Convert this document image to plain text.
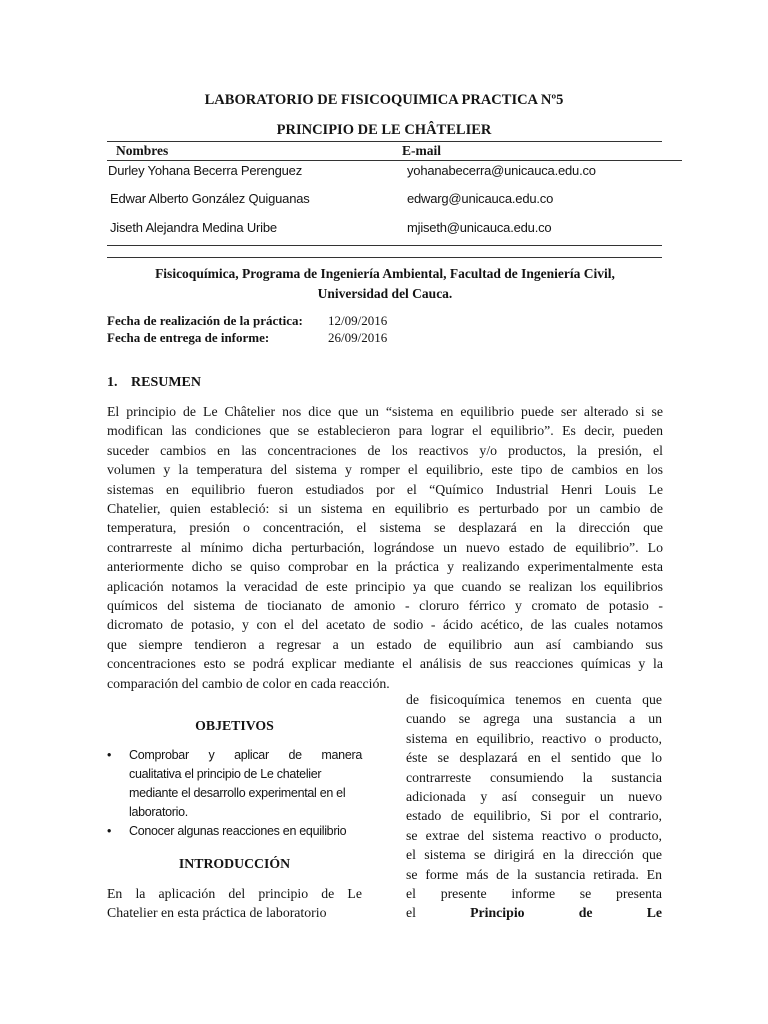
LABORATORIO DE FISICOQUIMICA PRACTICA Nº5
PRINCIPIO DE LE CHÂTELIER
Nombres	E-mail
Durley Yohana Becerra Perenguez	yohanabecerra@unicauca.edu.co
Edwar Alberto González Quiguanas	edwarg@unicauca.edu.co
Jiseth Alejandra Medina Uribe	mjiseth@unicauca.edu.co
Fisicoquímica, Programa de Ingeniería Ambiental, Facultad de Ingeniería Civil,
Universidad del Cauca.
Fecha de realización de la práctica: 12/09/2016
Fecha de entrega de informe:	26/09/2016
1. RESUMEN
El principio de Le Châtelier nos dice que un “sistema en equilibrio puede ser alterado si se
modifican las condiciones que se establecieron para lograr el equilibrio”. Es decir, pueden
suceder cambios en las concentraciones de los reactivos y/o productos, la presión, el
volumen y la temperatura del sistema y romper el equilibrio, este tipo de cambios en los
sistemas en equilibrio fueron estudiados por el “Químico Industrial Henri Louis Le
Chatelier, quien estableció: si un sistema en equilibrio es perturbado por un cambio de
temperatura, presión o concentración, el sistema se desplazará en la dirección que
contrarreste al mínimo dicha perturbación, lográndose un nuevo estado de equilibrio”. Lo
anteriormente dicho se quiso comprobar en la práctica y realizando experimentalmente esta
aplicación notamos la veracidad de este principio ya que cuando se realizan los equilibrios
químicos del sistema de tiocianato de amonio - cloruro férrico y cromato de potasio -
dicromato de potasio, y con el del acetato de sodio - ácido acético, de las cuales notamos
que siempre tendieron a regresar a un estado de equilibrio aun así cambiando sus
concentraciones esto se podrá explicar mediante el análisis de sus reacciones químicas y la
comparación del cambio de color en cada reacción.
OBJETIVOS
• Comprobar y aplicar de manera
cualitativa el principio de Le chatelier
mediante el desarrollo experimental en el
laboratorio.
• Conocer algunas reacciones en equilibrio
INTRODUCCIÓN
En la aplicación del principio de Le
Chatelier en esta práctica de laboratorio
de fisicoquímica tenemos en cuenta que
cuando se agrega una sustancia a un
sistema en equilibrio, reactivo o producto,
éste se desplazará en el sentido que lo
contrarreste consumiendo la sustancia
adicionada y así conseguir un nuevo
estado de equilibrio, Si por el contrario,
se extrae del sistema reactivo o producto,
el sistema se dirigirá en la dirección que
se forme más de la sustancia retirada. En
el presente informe se presenta
el Principio	de	Le
